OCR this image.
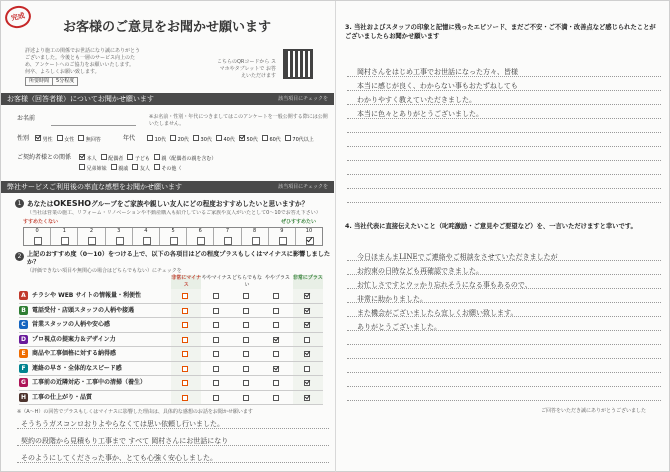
完成
お客様のご意見をお聞かせ願います
詳述より施工の関係でお世話になり誠にありがとう
ございました。今後とも一層のサービス向上のた
め、アンケートへのご協力をお願いいたします。
何卒、よろしくお願い致します。
所要時間	5分程度
こちらのQRコードから スマホやタブレットで お答えいただけます
お客様（回答者様）についてお聞かせ願います	該当項目にチェックを
お名前	※お名前・性別・年代につきましてはこのアンケートを一般公開する際には公開いたしません。
性別	男性	女性	無回答	年代	10代	20代	30代	40代	50代	60代	70代以上
ご契約者様との関係	本人	配偶者	子ども	親（配偶者の親を含む）
兄弟姉妹	親戚	友人	その他（
弊社サービスご利用後の率直な感想をお聞かせ願います	該当項目にチェックを
1 あなたはOKESHOグループをご家族や親しい友人にどの程度おすすめしたいと思いますか？
（当社は営業の施工、リフォーム・リノベーションや不動産購入も紹介しているご家族や友人がいたとして0〜10でお答え下さい）
すすめたくない	ぜひすすめたい
0	1	2	3	4	5	6	7	8	9	10
2 上記のおすすめ度（0〜10）をつける上で、以下の各項目はどの程度プラスもしくはマイナスに影響しましたか？
（評価できない項目や無関心の場合はどちらでもない）にチェックを
非常にマイナス
ややマイナス どちらでもない
ややプラス 非常にプラス
A	チラシや WEB サイトの情報量・利便性
B	電話受付・店頭スタッフの人柄や接遇
C	営業スタッフの人柄や安心感
D	プロ視点の提案力＆デザイン力
E	商品や工事価格に対する納得感
F	連絡の早さ・全体的なスピード感
G	工事前の近隣対応・工事中の清掃（養生）
H 工事の仕上がり・品質
※（A〜H）の回答でプラスもしくはマイナスに影響した理由は、具体的な感想のお話をお聞かせ願います
そうちうガスコンロおりよやらなくては思い依頼し行いました。
契約の段階から見積もり工事まで すべて 岡村さんにお世話になり
そのようにしてくださった事か、とても心強く安心しました。
3. 当社およびスタッフの印象と記憶に残ったエピソード、まだご不安・ご不満・改善点など感じられたことがございましたらお聞かせ願います
岡村さんをはじめ工事でお世話になった方々、皆様
本当に感じが良く、わからない事もおたずねしても
わかりやすく教えていただきました。
本当に色々とありがとうございました。
4. 当社代表に直接伝えたいこと（叱咤激励・ご意見やご要望など）を、一言いただけますと幸いです。
今日ほまんまLINEでご連絡やご相談をさせていただきましたが
お約束の日時なども再確認できました。
お忙しさですとウッかり忘れそうになる事もあるので、
非常に助かりました。
また機会がございましたら宜しくお願い致します。
ありがとうございました。
ご回答をいただき誠にありがとうございました
